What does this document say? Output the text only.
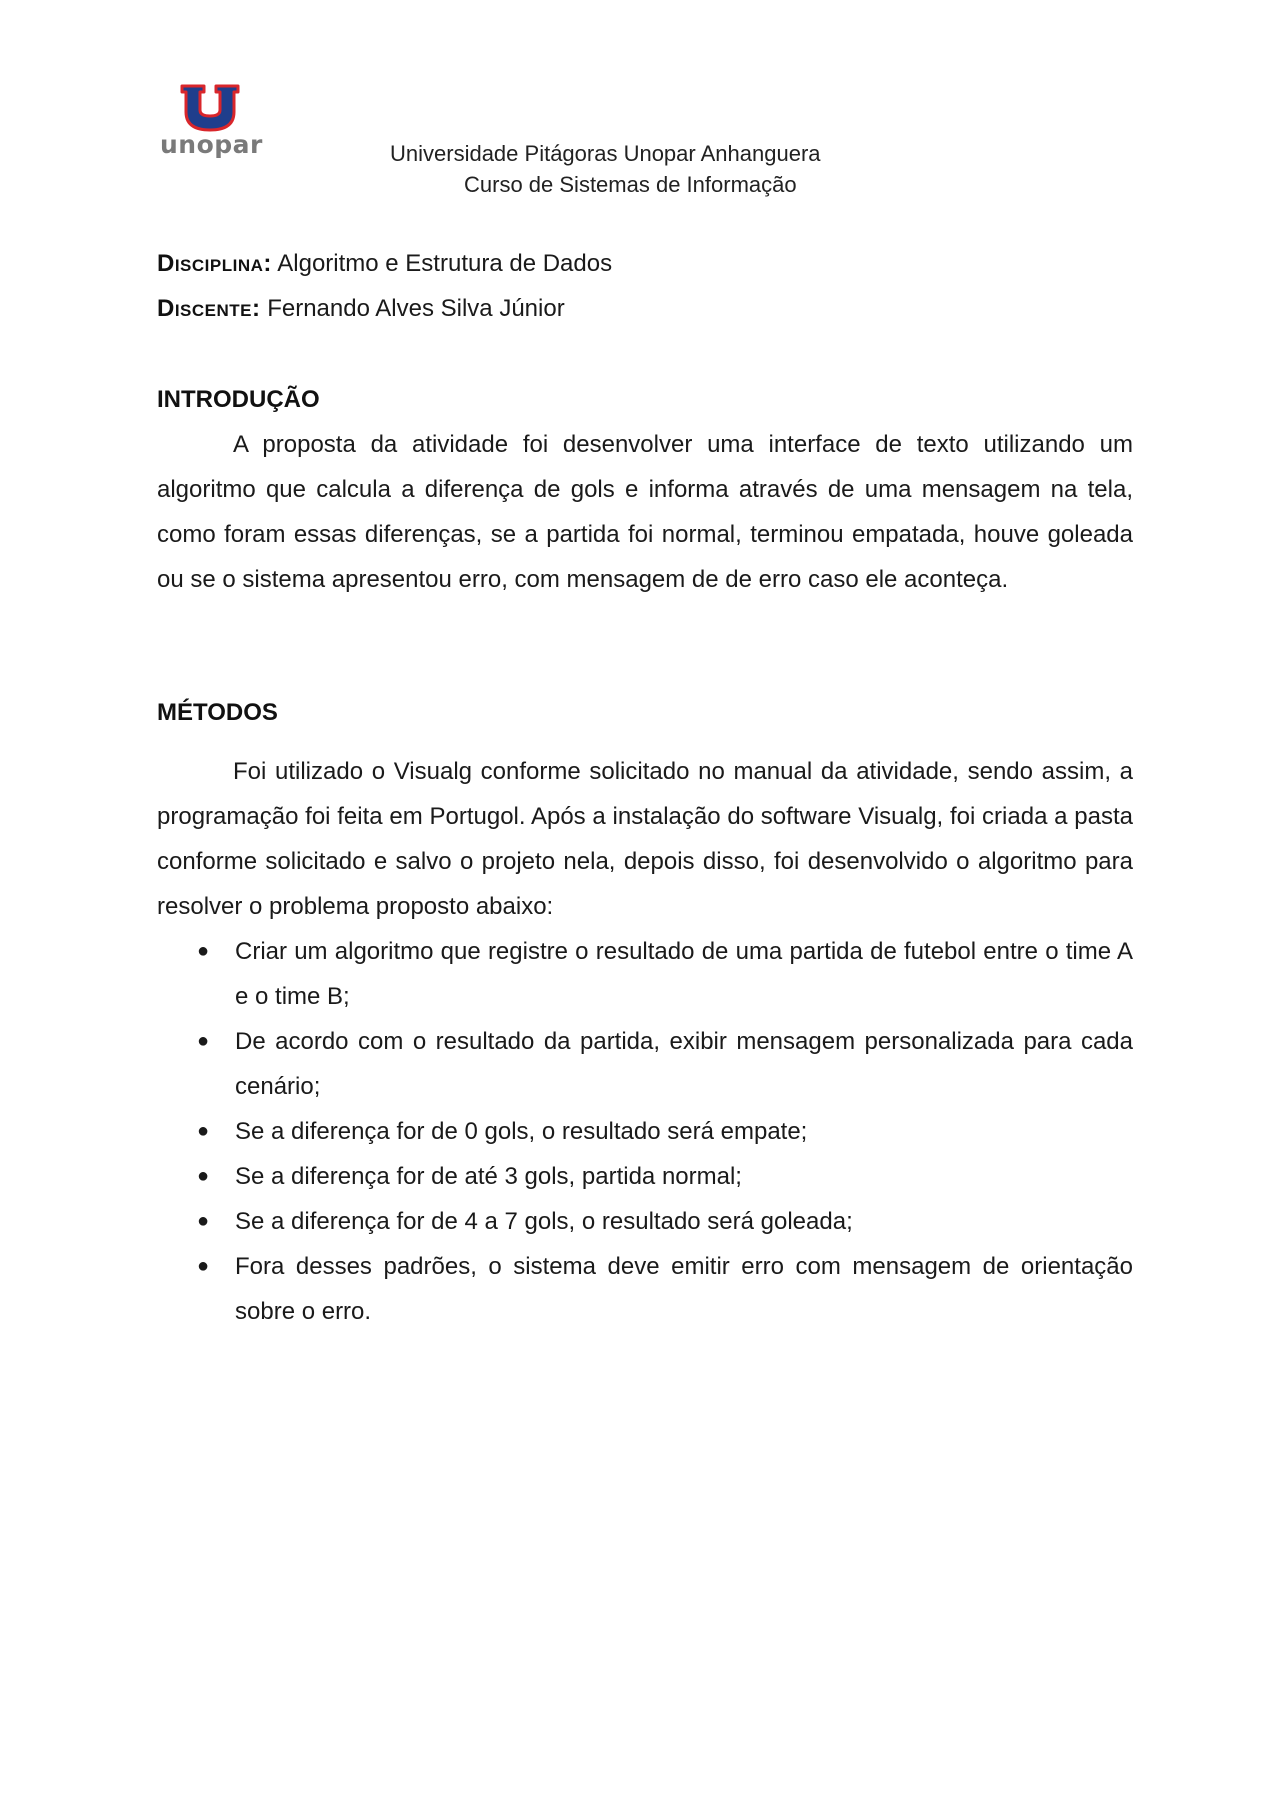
unopar	Universidade Pitágoras Unopar Anhanguera
Curso de Sistemas de Informação
Disciplina: Algoritmo e Estrutura de Dados
Discente: Fernando Alves Silva Júnior
INTRODUÇÃO

A proposta da atividade foi desenvolver uma interface de texto utilizando um algoritmo que calcula a diferença de gols e informa através de uma mensagem na tela, como foram essas diferenças, se a partida foi normal, terminou empatada, houve goleada ou se o sistema apresentou erro, com mensagem de de erro caso ele aconteça.

MÉTODOS

Foi utilizado o Visualg conforme solicitado no manual da atividade, sendo assim, a programação foi feita em Portugol. Após a instalação do software Visualg, foi criada a pasta conforme solicitado e salvo o projeto nela, depois disso, foi desenvolvido o algoritmo para resolver o problema proposto abaixo:

● Criar um algoritmo que registre o resultado de uma partida de futebol entre o time A e o time B;
● De acordo com o resultado da partida, exibir mensagem personalizada para cada cenário;
● Se a diferença for de 0 gols, o resultado será empate;
● Se a diferença for de até 3 gols, partida normal;
● Se a diferença for de 4 a 7 gols, o resultado será goleada;
● Fora desses padrões, o sistema deve emitir erro com mensagem de orientação sobre o erro.
